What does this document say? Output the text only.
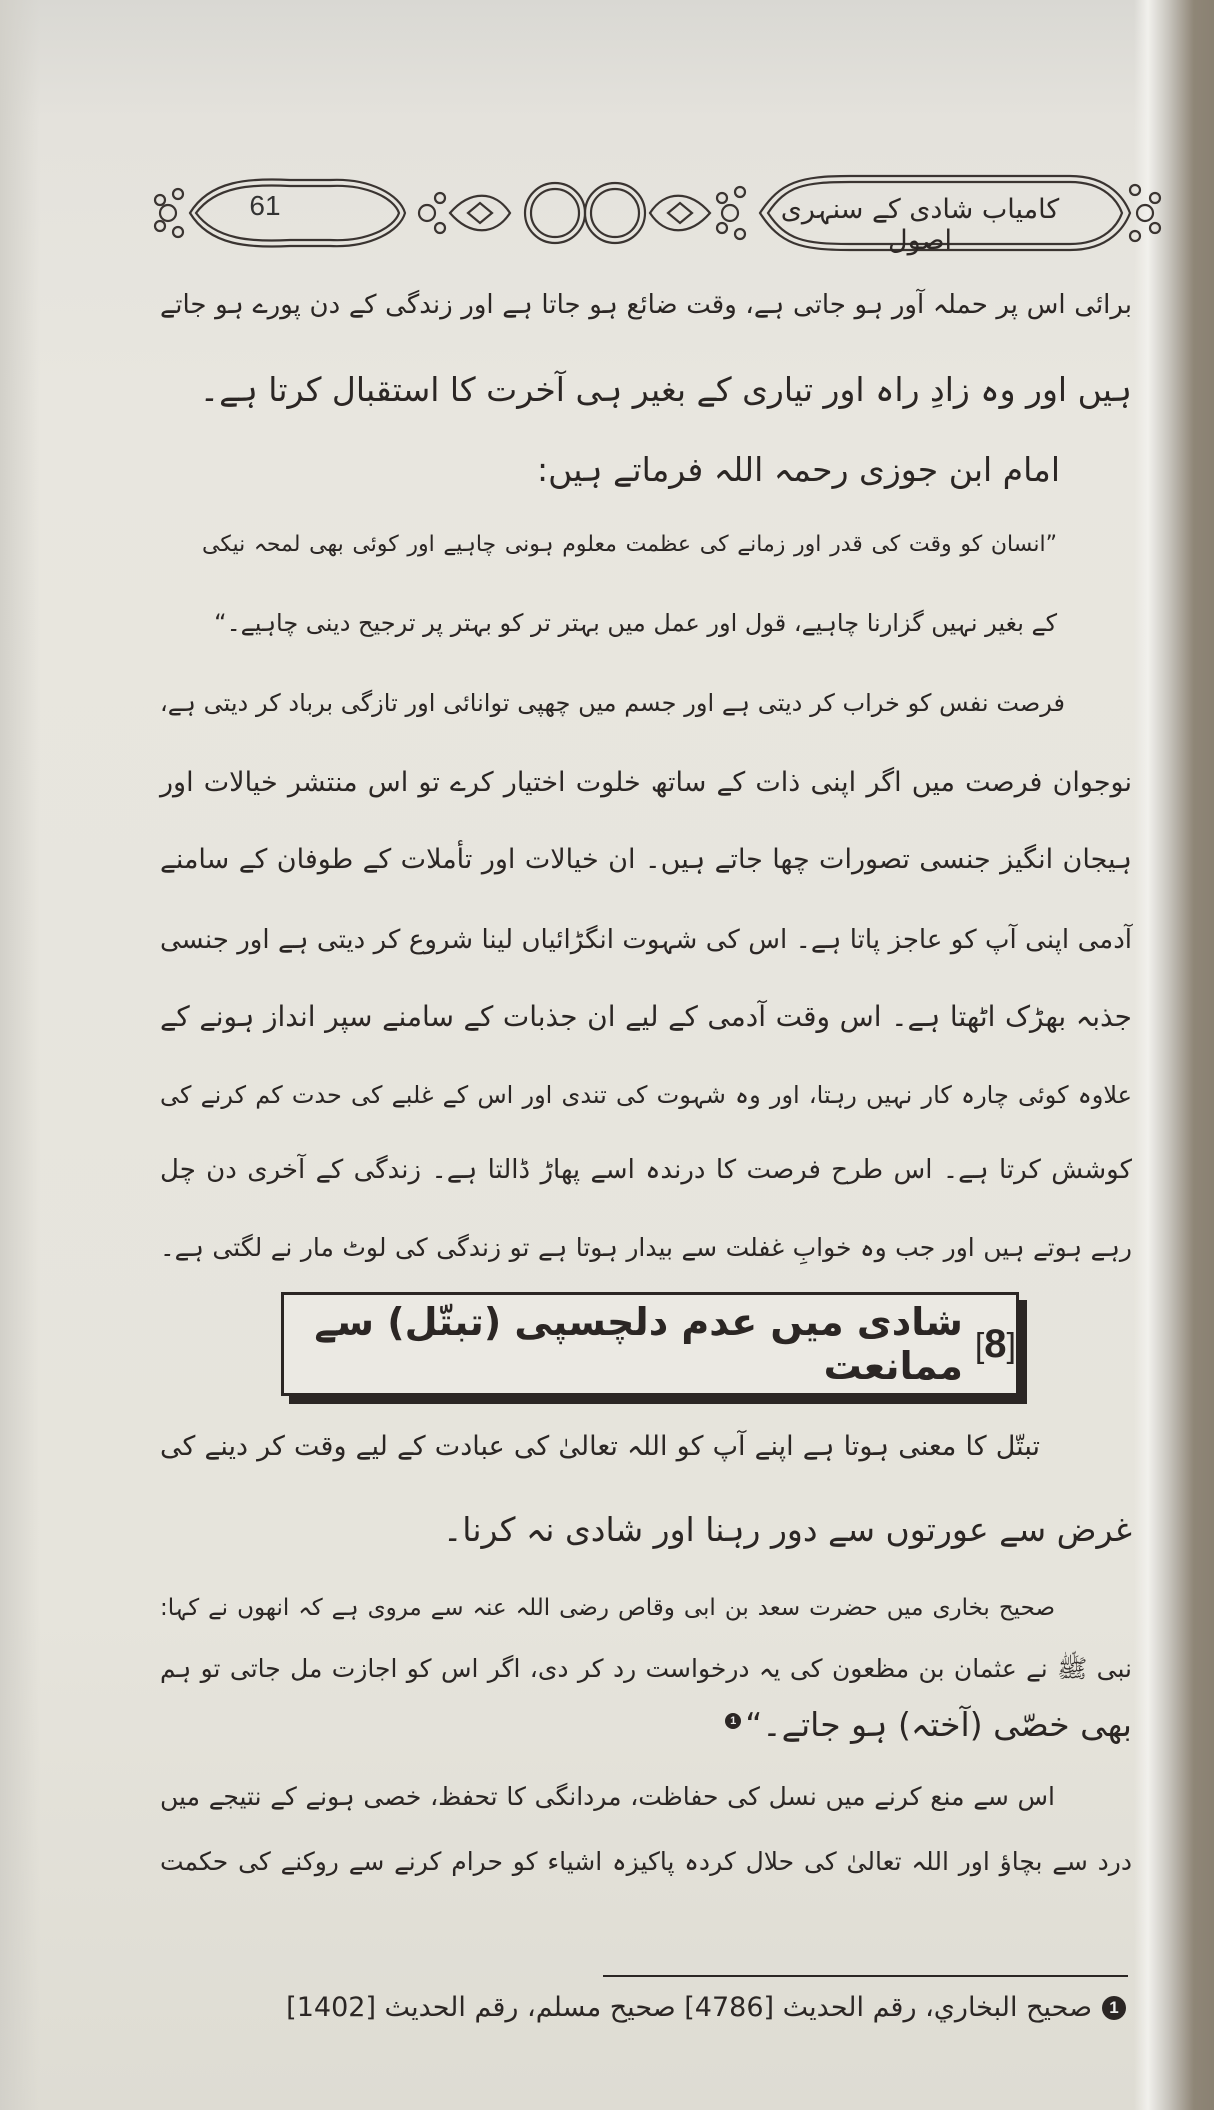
61	کامیاب شادی کے سنہری اصول
برائی اس پر حملہ آور ہو جاتی ہے، وقت ضائع ہو جاتا ہے اور زندگی کے دن پورے ہو جاتے
ہیں اور وہ زادِ راہ اور تیاری کے بغیر ہی آخرت کا استقبال کرتا ہے۔
امام ابن جوزی رحمہ اللہ فرماتے ہیں:
”انسان کو وقت کی قدر اور زمانے کی عظمت معلوم ہونی چاہیے اور کوئی بھی لمحہ نیکی
کے بغیر نہیں گزارنا چاہیے، قول اور عمل میں بہتر تر کو بہتر پر ترجیح دینی چاہیے۔“
فرصت نفس کو خراب کر دیتی ہے اور جسم میں چھپی توانائی اور تازگی برباد کر دیتی ہے،
نوجوان فرصت میں اگر اپنی ذات کے ساتھ خلوت اختیار کرے تو اس منتشر خیالات اور
ہیجان انگیز جنسی تصورات چھا جاتے ہیں۔ ان خیالات اور تأملات کے طوفان کے سامنے
آدمی اپنی آپ کو عاجز پاتا ہے۔ اس کی شہوت انگڑائیاں لینا شروع کر دیتی ہے اور جنسی
جذبہ بھڑک اٹھتا ہے۔ اس وقت آدمی کے لیے ان جذبات کے سامنے سپر انداز ہونے کے
علاوہ کوئی چارہ کار نہیں رہتا، اور وہ شہوت کی تندی اور اس کے غلبے کی حدت کم کرنے کی
کوشش کرتا ہے۔ اس طرح فرصت کا درندہ اسے پھاڑ ڈالتا ہے۔ زندگی کے آخری دن چل
رہے ہوتے ہیں اور جب وہ خوابِ غفلت سے بیدار ہوتا ہے تو زندگی کی لوٹ مار نے لگتی ہے۔
[8]
شادی میں عدم دلچسپی (تبتّل) سے ممانعت
تبتّل کا معنی ہوتا ہے اپنے آپ کو اللہ تعالیٰ کی عبادت کے لیے وقت کر دینے کی
غرض سے عورتوں سے دور رہنا اور شادی نہ کرنا۔
صحیح بخاری میں حضرت سعد بن ابی وقاص رضی اللہ عنہ سے مروی ہے کہ انھوں نے کہا:
نبی ﷺ نے عثمان بن مظعون کی یہ درخواست رد کر دی، اگر اس کو اجازت مل جاتی تو ہم
بھی خصّی (آختہ) ہو جاتے۔“1
اس سے منع کرنے میں نسل کی حفاظت، مردانگی کا تحفظ، خصی ہونے کے نتیجے میں
درد سے بچاؤ اور اللہ تعالیٰ کی حلال کردہ پاکیزہ اشیاء کو حرام کرنے سے روکنے کی حکمت
1
صحیح البخاري، رقم الحدیث [4786] صحیح مسلم، رقم الحدیث [1402]
